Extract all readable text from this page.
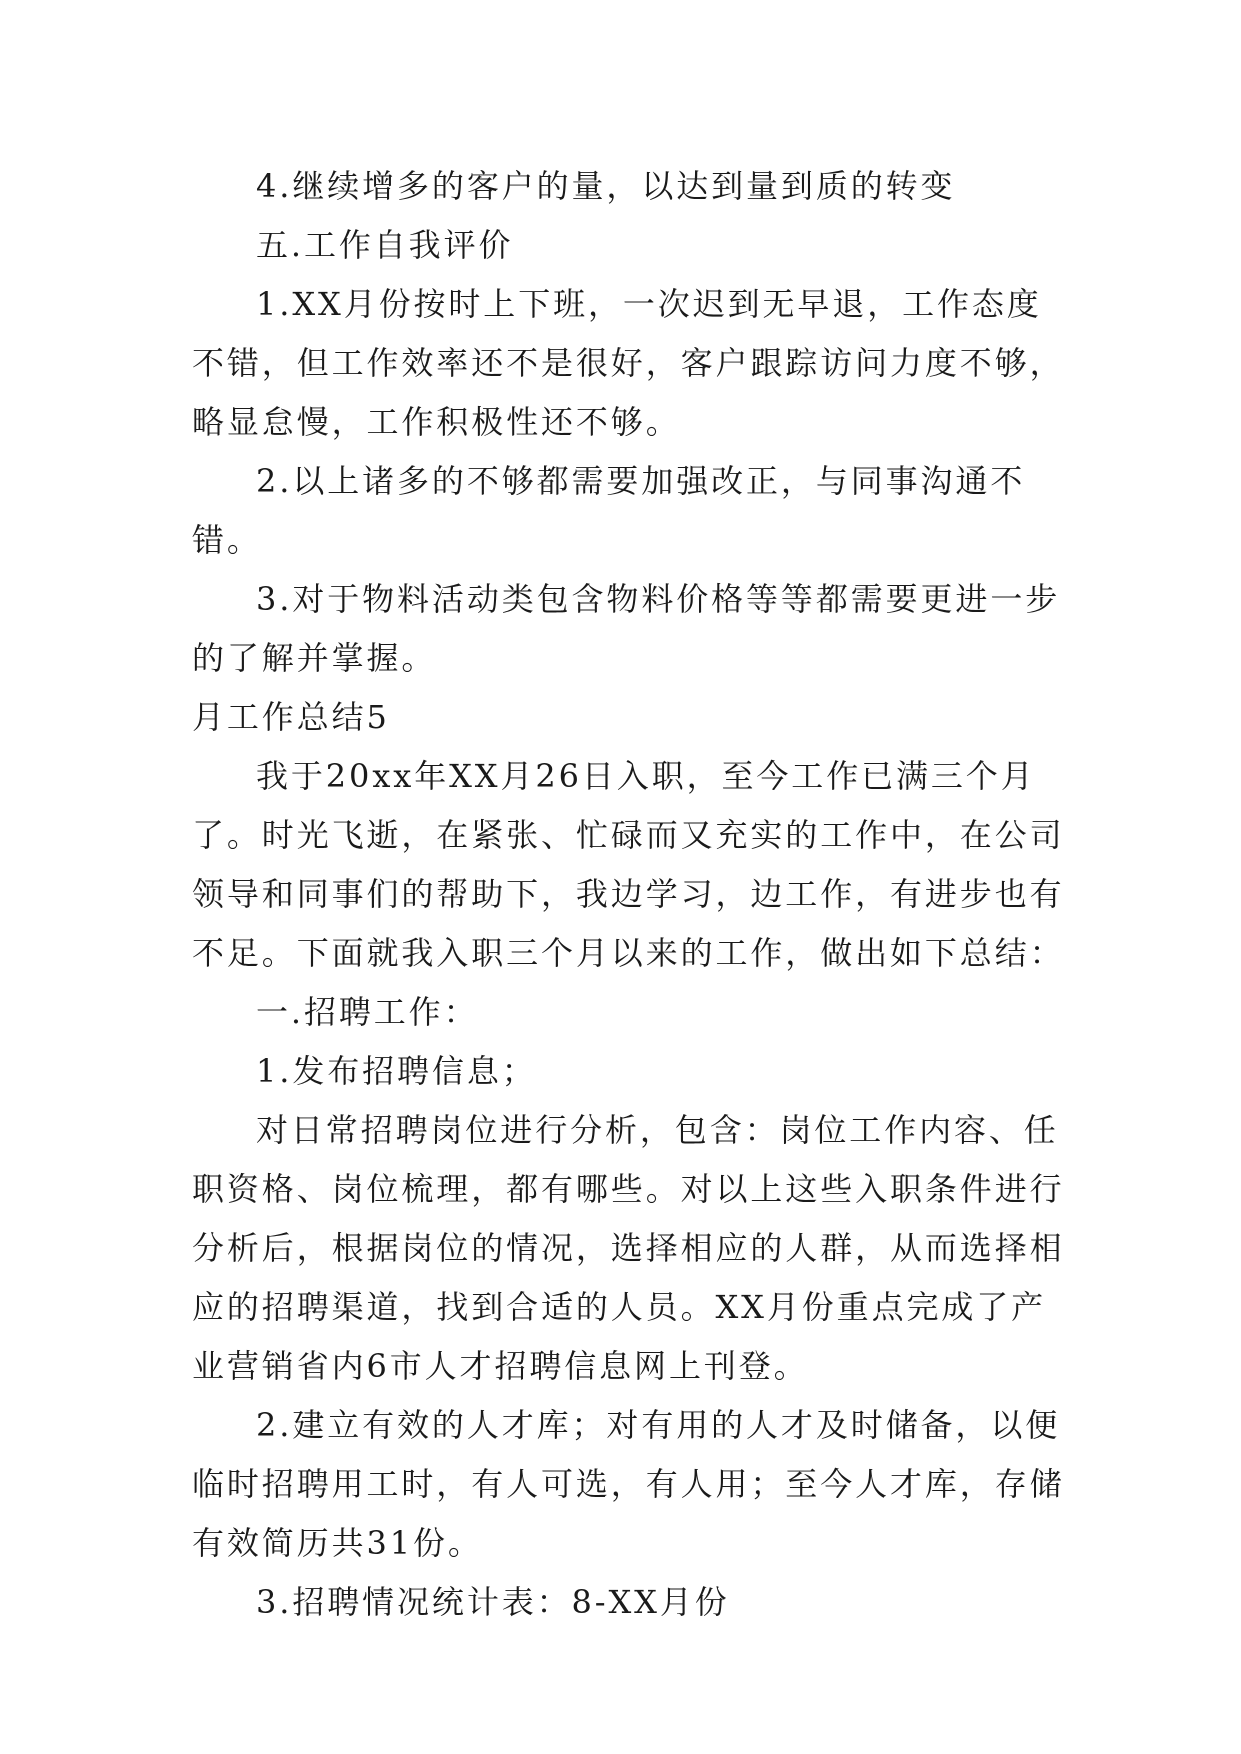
4.继续增多的客户的量，以达到量到质的转变

五.工作自我评价

1.XX月份按时上下班，一次迟到无早退，工作态度不错，但工作效率还不是很好，客户跟踪访问力度不够，略显怠慢，工作积极性还不够。

2.以上诸多的不够都需要加强改正，与同事沟通不错。

3.对于物料活动类包含物料价格等等都需要更进一步的了解并掌握。

月工作总结5

我于20xx年XX月26日入职，至今工作已满三个月了。时光飞逝，在紧张、忙碌而又充实的工作中，在公司领导和同事们的帮助下，我边学习，边工作，有进步也有不足。下面就我入职三个月以来的工作，做出如下总结：

一.招聘工作：

1.发布招聘信息；

对日常招聘岗位进行分析，包含：岗位工作内容、任职资格、岗位梳理，都有哪些。对以上这些入职条件进行分析后，根据岗位的情况，选择相应的人群，从而选择相应的招聘渠道，找到合适的人员。XX月份重点完成了产业营销省内6市人才招聘信息网上刊登。

2.建立有效的人才库；对有用的人才及时储备，以便临时招聘用工时，有人可选，有人用；至今人才库，存储有效简历共31份。

3.招聘情况统计表：8-XX月份
